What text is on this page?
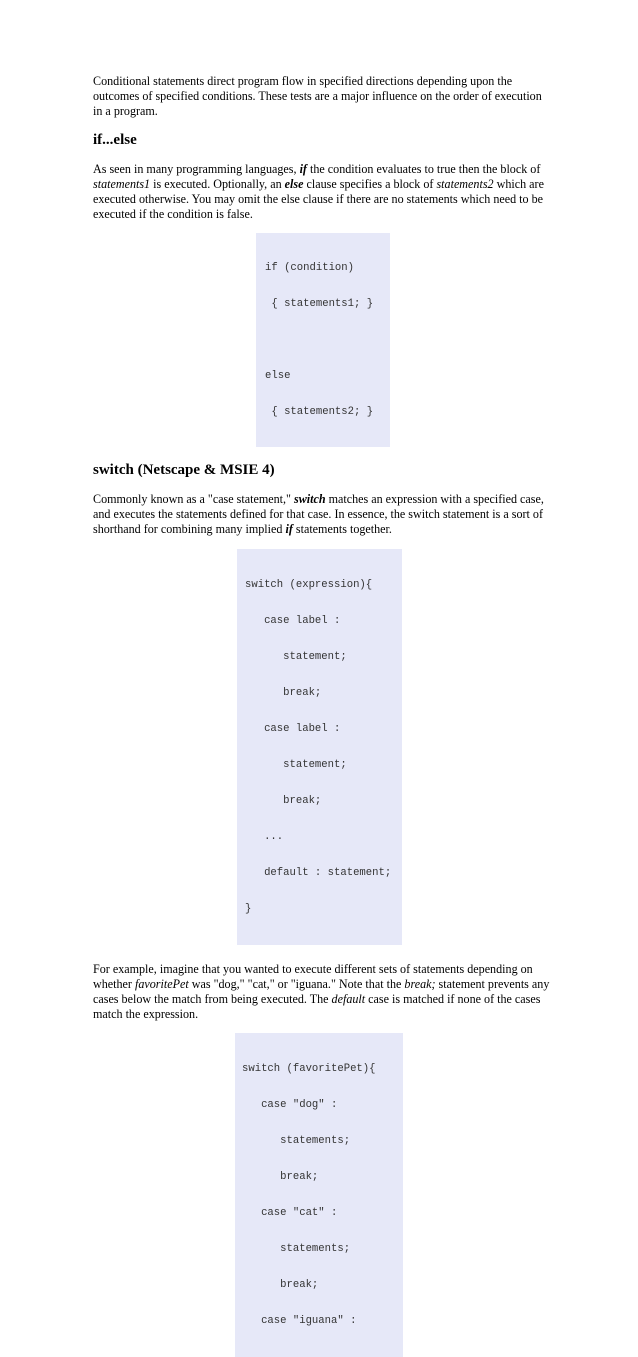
Conditional statements direct program flow in specified directions depending upon the outcomes of specified conditions. These tests are a major influence on the order of execution in a program.

if...else

As seen in many programming languages, if the condition evaluates to true then the block of statements1 is executed. Optionally, an else clause specifies a block of statements2 which are executed otherwise. You may omit the else clause if there are no statements which need to be executed if the condition is false.

if (condition)

{ statements1; }

else

{ statements2; }

switch (Netscape & MSIE 4)

Commonly known as a "case statement," switch matches an expression with a specified case, and executes the statements defined for that case. In essence, the switch statement is a sort of shorthand for combining many implied if statements together.

switch (expression){

case label :

statement;

break;

case label :

statement;

break;

...

default : statement;

}

For example, imagine that you wanted to execute different sets of statements depending on whether favoritePet was "dog," "cat," or "iguana." Note that the break; statement prevents any cases below the match from being executed. The default case is matched if none of the cases match the expression.

switch (favoritePet){

case "dog" :

statements;

break;

case "cat" :

statements;

break;

case "iguana" :
